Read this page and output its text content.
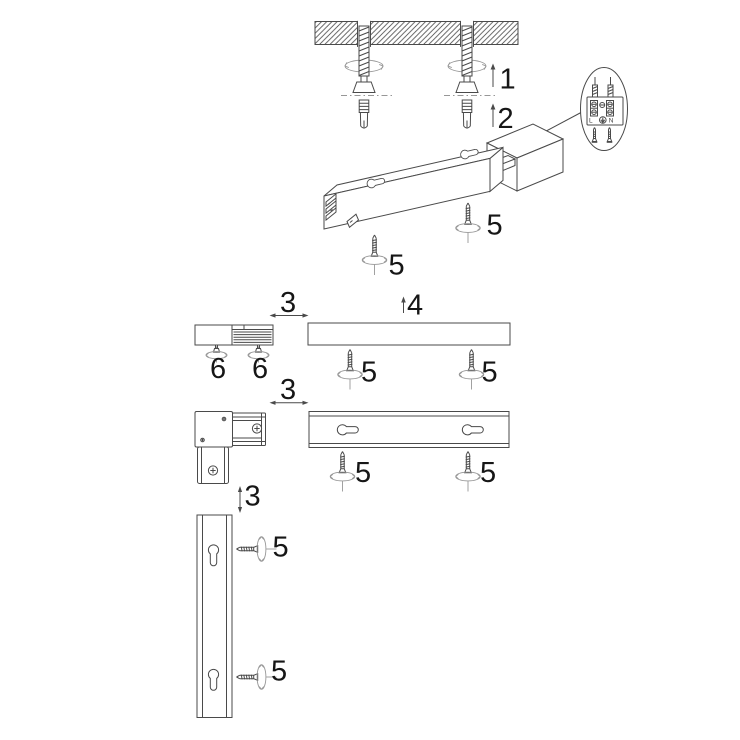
1
2	L N
5
5
3
6 6
4
5	5
3
5	5
3
5
5
